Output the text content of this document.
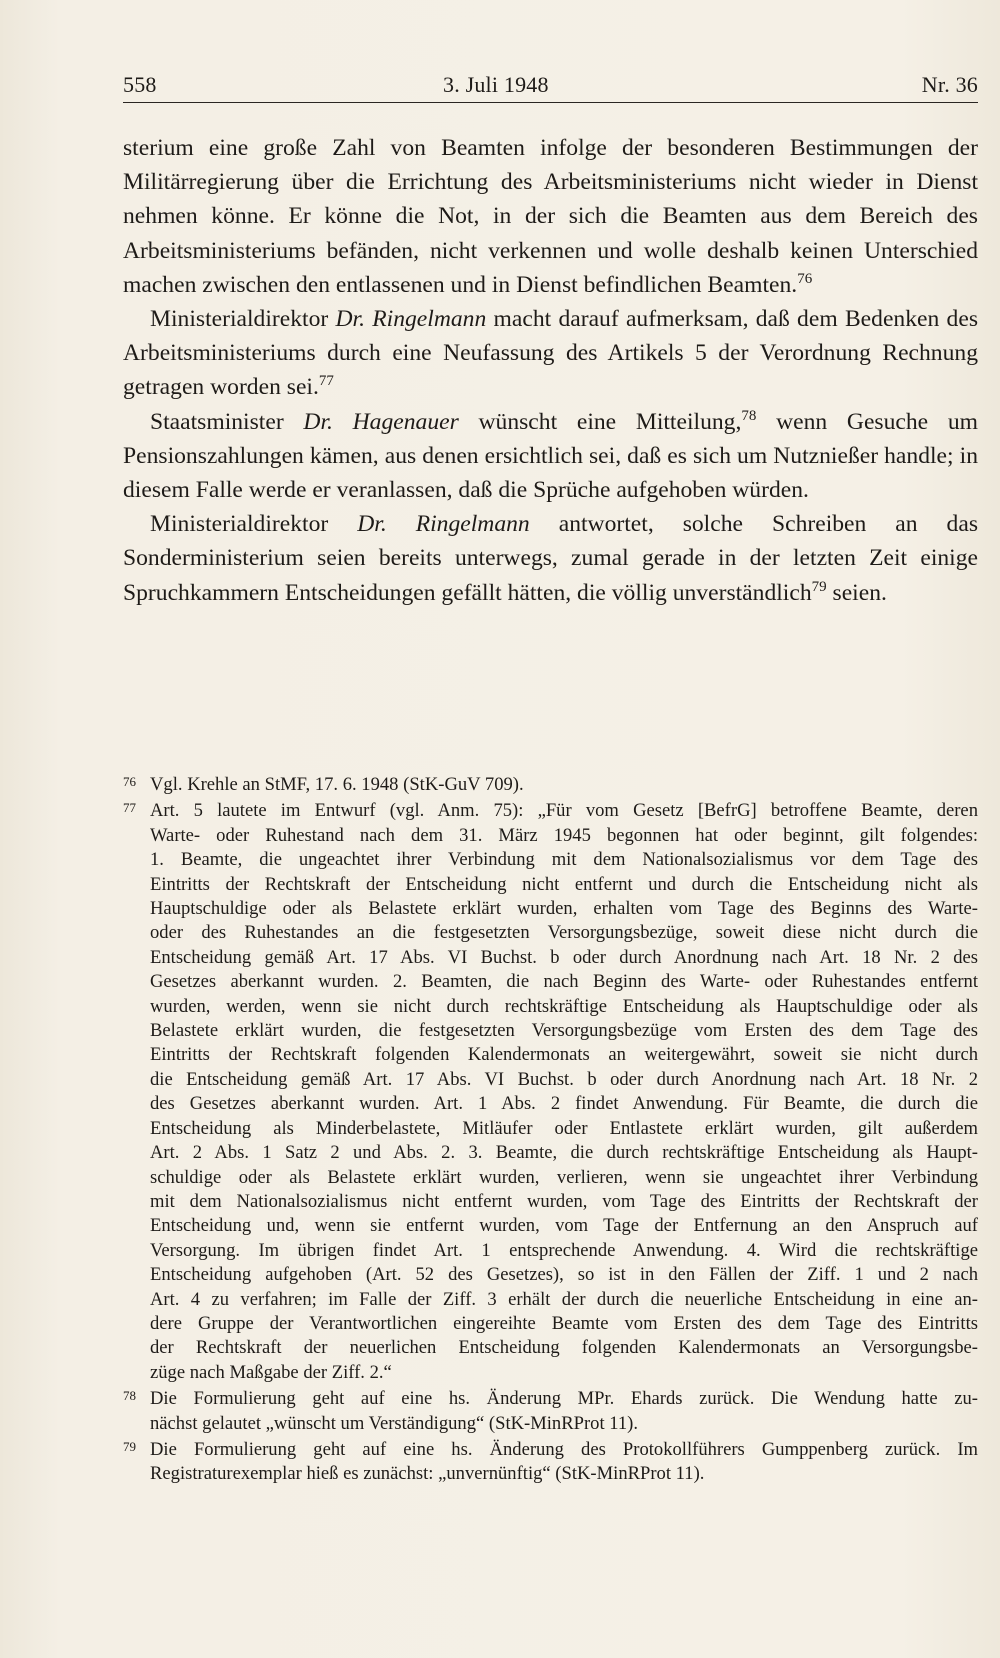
558	3. Juli 1948	Nr. 36

sterium eine große Zahl von Beamten infolge der besonderen Bestimmungen der Militärregierung über die Errichtung des Arbeitsministeriums nicht wieder in Dienst nehmen könne. Er könne die Not, in der sich die Beamten aus dem Bereich des Arbeitsministeriums befänden, nicht verkennen und wolle deshalb keinen Unterschied machen zwischen den entlassenen und in Dienst befindlichen Beamten.$^{76}$

Ministerialdirektor Dr. Ringelmann macht darauf aufmerksam, daß dem Bedenken des Arbeitsministeriums durch eine Neufassung des Artikels 5 der Verordnung Rechnung getragen worden sei.$^{77}$

Staatsminister Dr. Hagenauer wünscht eine Mitteilung,$^{78}$ wenn Gesuche um Pensionszahlungen kämen, aus denen ersichtlich sei, daß es sich um Nutznießer handle; in diesem Falle werde er veranlassen, daß die Sprüche aufgehoben würden.

Ministerialdirektor Dr. Ringelmann antwortet, solche Schreiben an das Sonderministerium seien bereits unterwegs, zumal gerade in der letzten Zeit einige Spruchkammern Entscheidungen gefällt hätten, die völlig unverständlich$^{79}$ seien.

76 Vgl. Krehle an StMF, 17. 6. 1948 (StK-GuV 709).
77 Art. 5 lautete im Entwurf (vgl. Anm. 75): „Für vom Gesetz [BefrG] betroffene Beamte, deren
Warte- oder Ruhestand nach dem 31. März 1945 begonnen hat oder beginnt, gilt folgendes:
1. Beamte, die ungeachtet ihrer Verbindung mit dem Nationalsozialismus vor dem Tage des
Eintritts der Rechtskraft der Entscheidung nicht entfernt und durch die Entscheidung nicht als
Hauptschuldige oder als Belastete erklärt wurden, erhalten vom Tage des Beginns des Warte-
oder des Ruhestandes an die festgesetzten Versorgungsbezüge, soweit diese nicht durch die
Entscheidung gemäß Art. 17 Abs. VI Buchst. b oder durch Anordnung nach Art. 18 Nr. 2 des
Gesetzes aberkannt wurden. 2. Beamten, die nach Beginn des Warte- oder Ruhestandes entfernt
wurden, werden, wenn sie nicht durch rechtskräftige Entscheidung als Hauptschuldige oder als
Belastete erklärt wurden, die festgesetzten Versorgungsbezüge vom Ersten des dem Tage des
Eintritts der Rechtskraft folgenden Kalendermonats an weitergewährt, soweit sie nicht durch
die Entscheidung gemäß Art. 17 Abs. VI Buchst. b oder durch Anordnung nach Art. 18 Nr. 2
des Gesetzes aberkannt wurden. Art. 1 Abs. 2 findet Anwendung. Für Beamte, die durch die
Entscheidung als Minderbelastete, Mitläufer oder Entlastete erklärt wurden, gilt außerdem
Art. 2 Abs. 1 Satz 2 und Abs. 2. 3. Beamte, die durch rechtskräftige Entscheidung als Haupt-
schuldige oder als Belastete erklärt wurden, verlieren, wenn sie ungeachtet ihrer Verbindung
mit dem Nationalsozialismus nicht entfernt wurden, vom Tage des Eintritts der Rechtskraft der
Entscheidung und, wenn sie entfernt wurden, vom Tage der Entfernung an den Anspruch auf
Versorgung. Im übrigen findet Art. 1 entsprechende Anwendung. 4. Wird die rechtskräftige
Entscheidung aufgehoben (Art. 52 des Gesetzes), so ist in den Fällen der Ziff. 1 und 2 nach
Art. 4 zu verfahren; im Falle der Ziff. 3 erhält der durch die neuerliche Entscheidung in eine an-
dere Gruppe der Verantwortlichen eingereihte Beamte vom Ersten des dem Tage des Eintritts
der Rechtskraft der neuerlichen Entscheidung folgenden Kalendermonats an Versorgungsbe-
züge nach Maßgabe der Ziff. 2.“
78 Die Formulierung geht auf eine hs. Änderung MPr. Ehards zurück. Die Wendung hatte zu-
nächst gelautet „wünscht um Verständigung“ (StK-MinRProt 11).
79 Die Formulierung geht auf eine hs. Änderung des Protokollführers Gumppenberg zurück. Im
Registraturexemplar hieß es zunächst: „unvernünftig“ (StK-MinRProt 11).
